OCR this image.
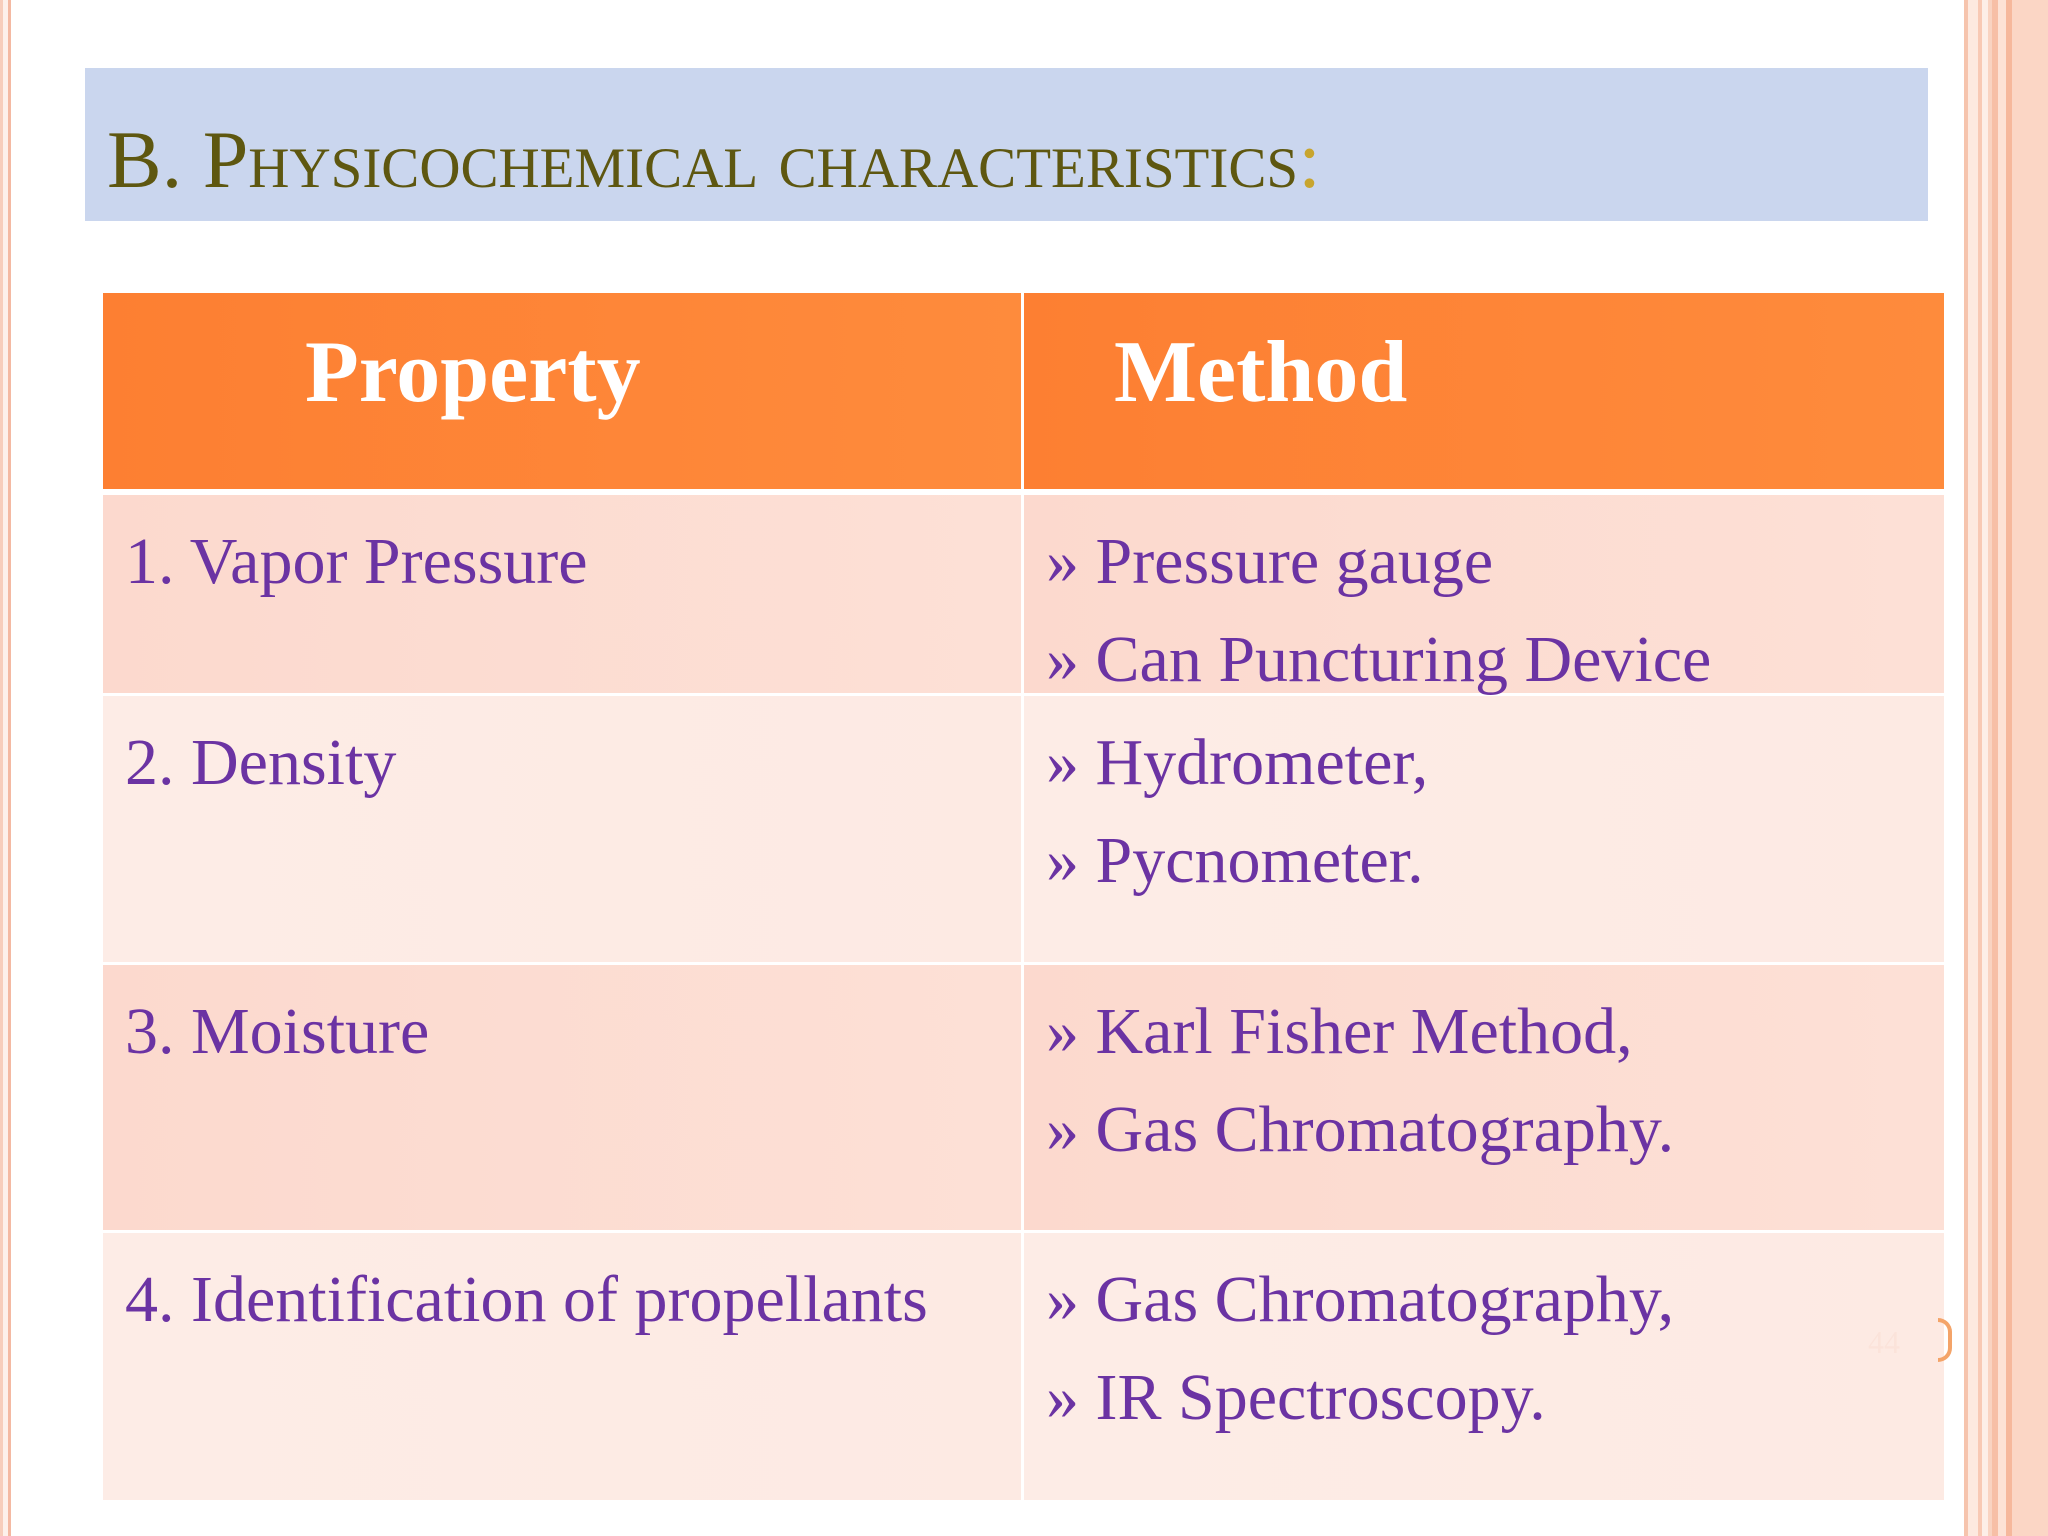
B. Physicochemical characteristics:
Property	Method
1. Vapor Pressure	» Pressure gauge
» Can Puncturing Device
2. Density	» Hydrometer,
» Pycnometer.
3. Moisture	» Karl Fisher Method,
» Gas Chromatography.
4. Identification of propellants	» Gas Chromatography,
» IR Spectroscopy.
44
